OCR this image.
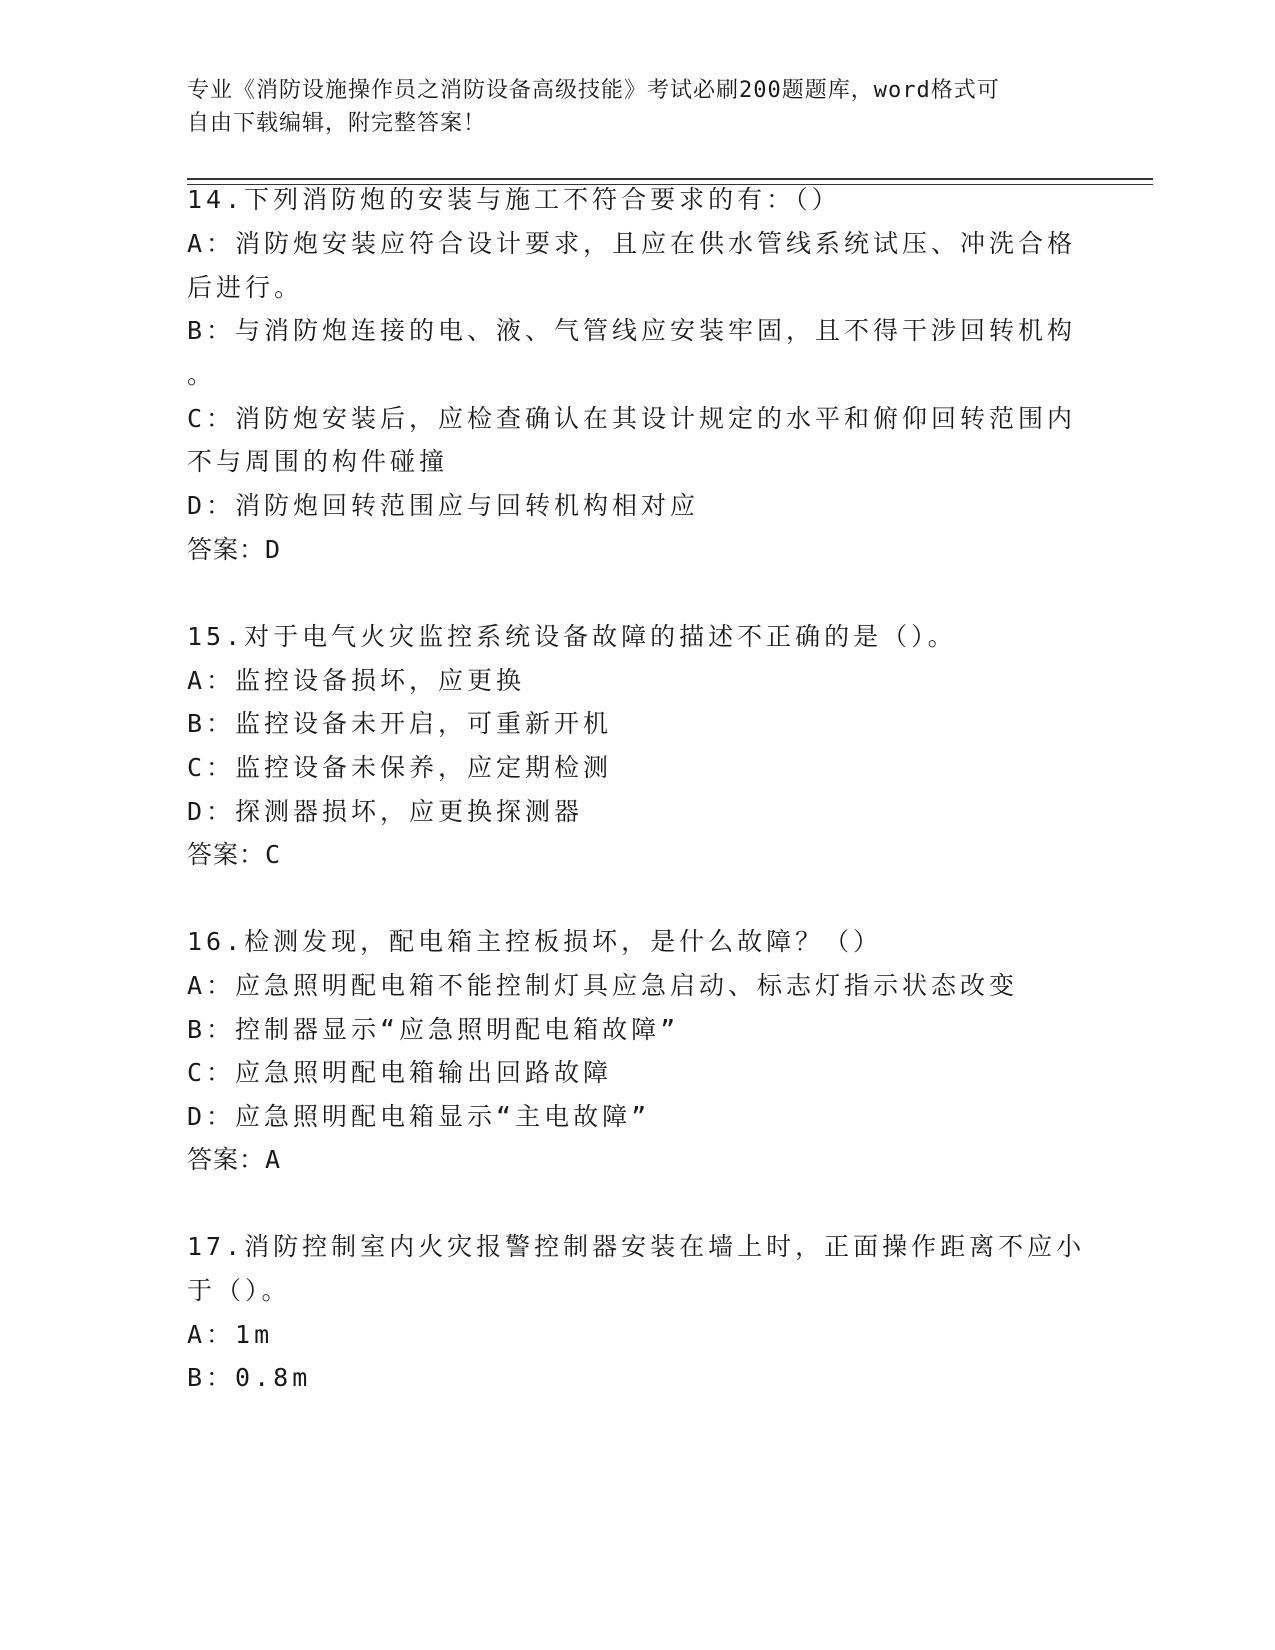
专业《消防设施操作员之消防设备高级技能》考试必刷200题题库，word格式可
自由下载编辑，附完整答案！
14.下列消防炮的安装与施工不符合要求的有：（）
A：消防炮安装应符合设计要求，且应在供水管线系统试压、冲洗合格
后进行。
B：与消防炮连接的电、液、气管线应安装牢固，且不得干涉回转机构
。
C：消防炮安装后，应检查确认在其设计规定的水平和俯仰回转范围内
不与周围的构件碰撞
D：消防炮回转范围应与回转机构相对应
答案：D
15.对于电气火灾监控系统设备故障的描述不正确的是（）。
A：监控设备损坏，应更换
B：监控设备未开启，可重新开机
C：监控设备未保养，应定期检测
D：探测器损坏，应更换探测器
答案：C
16.检测发现，配电箱主控板损坏，是什么故障？（）
A：应急照明配电箱不能控制灯具应急启动、标志灯指示状态改变
B：控制器显示“应急照明配电箱故障”
C：应急照明配电箱输出回路故障
D：应急照明配电箱显示“主电故障”
答案：A
17.消防控制室内火灾报警控制器安装在墙上时，正面操作距离不应小
于（）。
A：1m
B：0.8m
